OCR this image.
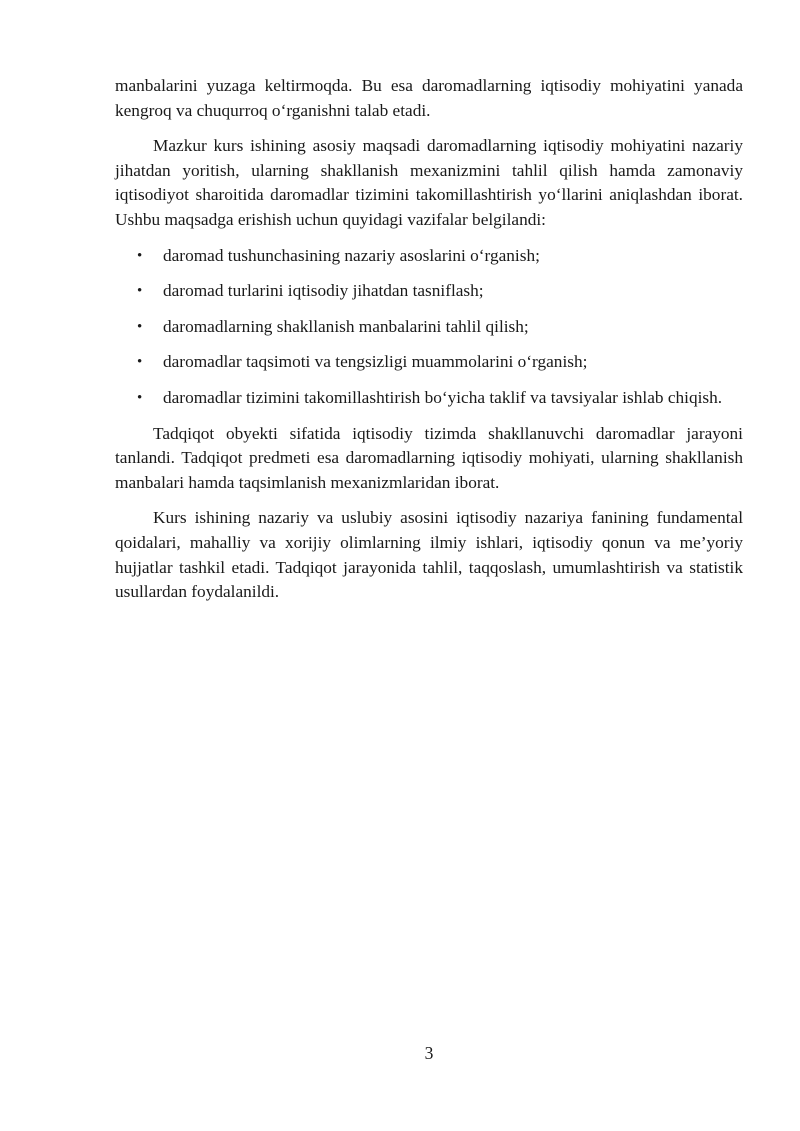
manbalarini yuzaga keltirmoqda. Bu esa daromadlarning iqtisodiy mohiyatini yanada kengroq va chuqurroq o‘rganishni talab etadi.

Mazkur kurs ishining asosiy maqsadi daromadlarning iqtisodiy mohiyatini nazariy jihatdan yoritish, ularning shakllanish mexanizmini tahlil qilish hamda zamonaviy iqtisodiyot sharoitida daromadlar tizimini takomillashtirish yo‘llarini aniqlashdan iborat. Ushbu maqsadga erishish uchun quyidagi vazifalar belgilandi:

• daromad tushunchasining nazariy asoslarini o‘rganish;
• daromad turlarini iqtisodiy jihatdan tasniflash;
• daromadlarning shakllanish manbalarini tahlil qilish;
• daromadlar taqsimoti va tengsizligi muammolarini o‘rganish;
• daromadlar tizimini takomillashtirish bo‘yicha taklif va tavsiyalar ishlab chiqish.

Tadqiqot obyekti sifatida iqtisodiy tizimda shakllanuvchi daromadlar jarayoni tanlandi. Tadqiqot predmeti esa daromadlarning iqtisodiy mohiyati, ularning shakllanish manbalari hamda taqsimlanish mexanizmlaridan iborat.

Kurs ishining nazariy va uslubiy asosini iqtisodiy nazariya fanining fundamental qoidalari, mahalliy va xorijiy olimlarning ilmiy ishlari, iqtisodiy qonun va me’yoriy hujjatlar tashkil etadi. Tadqiqot jarayonida tahlil, taqqoslash, umumlashtirish va statistik usullardan foydalanildi.

3
